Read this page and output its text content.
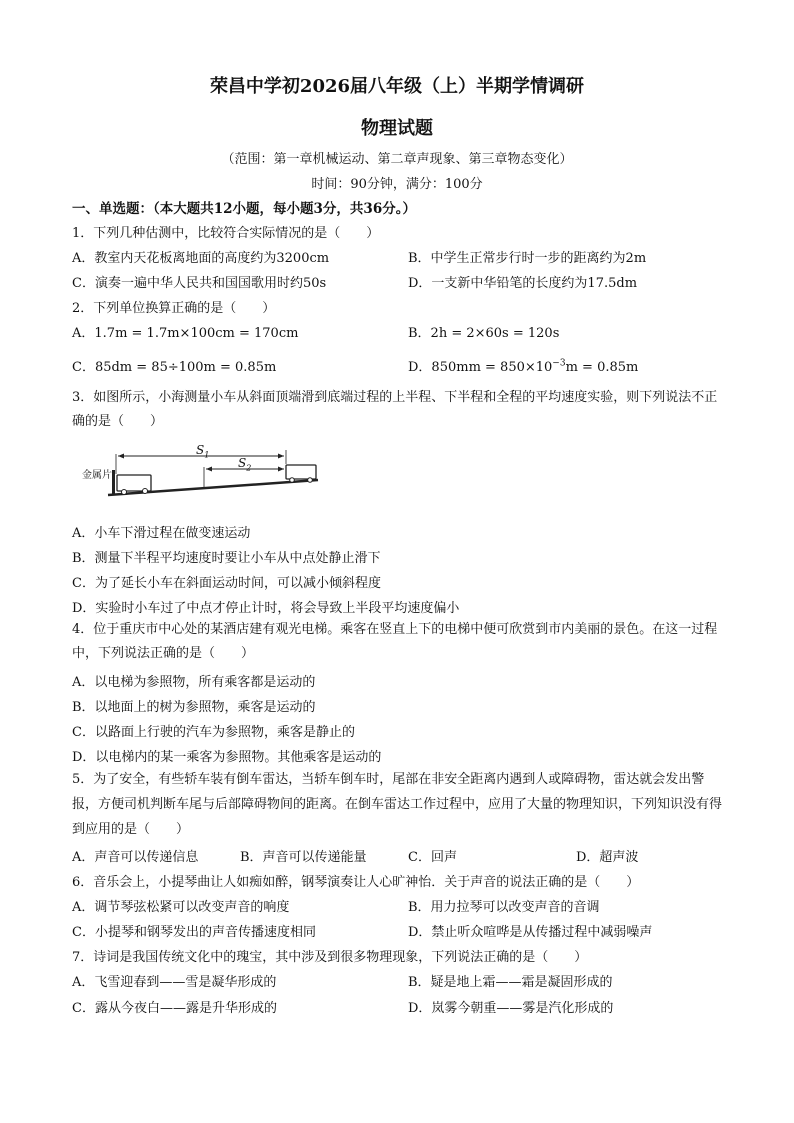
荣昌中学初2026届八年级（上）半期学情调研
物理试题
（范围：第一章机械运动、第二章声现象、第三章物态变化）
时间：90分钟，满分：100分
一、单选题：（本大题共12小题，每小题3分，共36分。）
1．下列几种估测中，比较符合实际情况的是（　　）
A．教室内天花板离地面的高度约为3200cm	B．中学生正常步行时一步的距离约为2m
C．演奏一遍中华人民共和国国歌用时约50s	D．一支新中华铅笔的长度约为17.5dm
2．下列单位换算正确的是（　　）
A．1.7m = 1.7m×100cm = 170cm	B．2h = 2×60s = 120s
C．85dm = 85÷100m = 0.85m	D．$850mm = 850\times 10^{-3}m = 0.85m$
3．如图所示，小海测量小车从斜面顶端滑到底端过程的上半程、下半程和全程的平均速度实验，则下列说法不正确的是（　　）
金属片
$S_1$
$S_2$
A．小车下滑过程在做变速运动
B．测量下半程平均速度时要让小车从中点处静止滑下
C．为了延长小车在斜面运动时间，可以减小倾斜程度
D．实验时小车过了中点才停止计时，将会导致上半段平均速度偏小
4．位于重庆市中心处的某酒店建有观光电梯。乘客在竖直上下的电梯中便可欣赏到市内美丽的景色。在这一过程中，下列说法正确的是（　　）
A．以电梯为参照物，所有乘客都是运动的
B．以地面上的树为参照物，乘客是运动的
C．以路面上行驶的汽车为参照物，乘客是静止的
D．以电梯内的某一乘客为参照物。其他乘客是运动的
5．为了安全，有些轿车装有倒车雷达，当轿车倒车时，尾部在非安全距离内遇到人或障碍物，雷达就会发出警报，方便司机判断车尾与后部障碍物间的距离。在倒车雷达工作过程中，应用了大量的物理知识，下列知识没有得到应用的是（　　）
A．声音可以传递信息	B．声音可以传递能量	C．回声	D．超声波
6．音乐会上，小提琴曲让人如痴如醉，钢琴演奏让人心旷神怡．关于声音的说法正确的是（　　）
A．调节琴弦松紧可以改变声音的响度	B．用力拉琴可以改变声音的音调
C．小提琴和钢琴发出的声音传播速度相同	D．禁止听众喧哗是从传播过程中减弱噪声
7．诗词是我国传统文化中的瑰宝，其中涉及到很多物理现象，下列说法正确的是（　　）
A．飞雪迎春到——雪是凝华形成的	B．疑是地上霜——霜是凝固形成的
C．露从今夜白——露是升华形成的	D．岚雾今朝重——雾是汽化形成的
